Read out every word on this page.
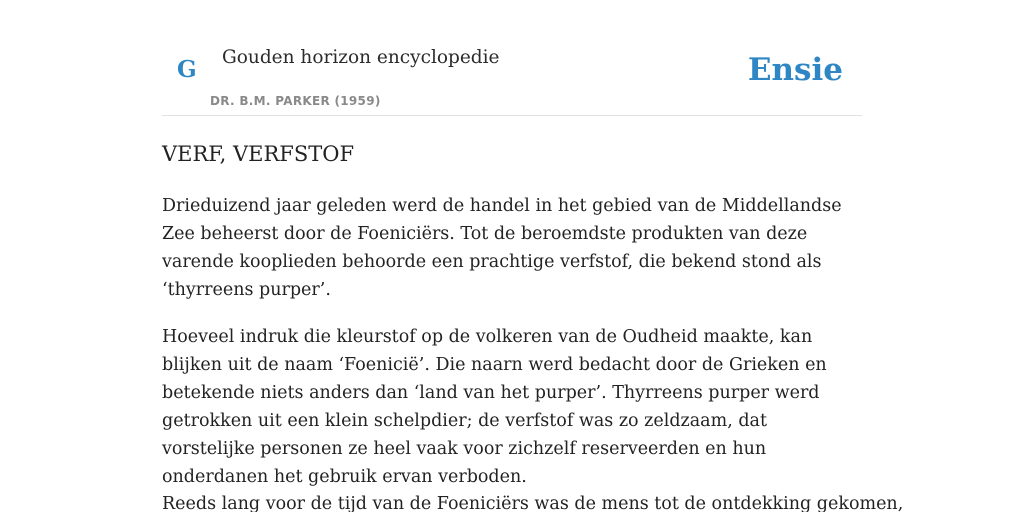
G Gouden horizon encyclopedie
DR. B.M. PARKER (1959)
Ensie
VERF, VERFSTOF

Drieduizend jaar geleden werd de handel in het gebied van de Middellandse Zee beheerst door de Foeniciërs. Tot de beroemdste produkten van deze varende kooplieden behoorde een prachtige verfstof, die bekend stond als ‘thyrreens purper’.

Hoeveel indruk die kleurstof op de volkeren van de Oudheid maakte, kan blijken uit de naam ‘Foenicië’. Die naarn werd bedacht door de Grieken en betekende niets anders dan ‘land van het purper’. Thyrreens purper werd getrokken uit een klein schelpdier; de verfstof was zo zeldzaam, dat vorstelijke personen ze heel vaak voor zichzelf reserveerden en hun onderdanen het gebruik ervan verboden.

Reeds lang voor de tijd van de Foeniciërs was de mens tot de ontdekking gekomen,
